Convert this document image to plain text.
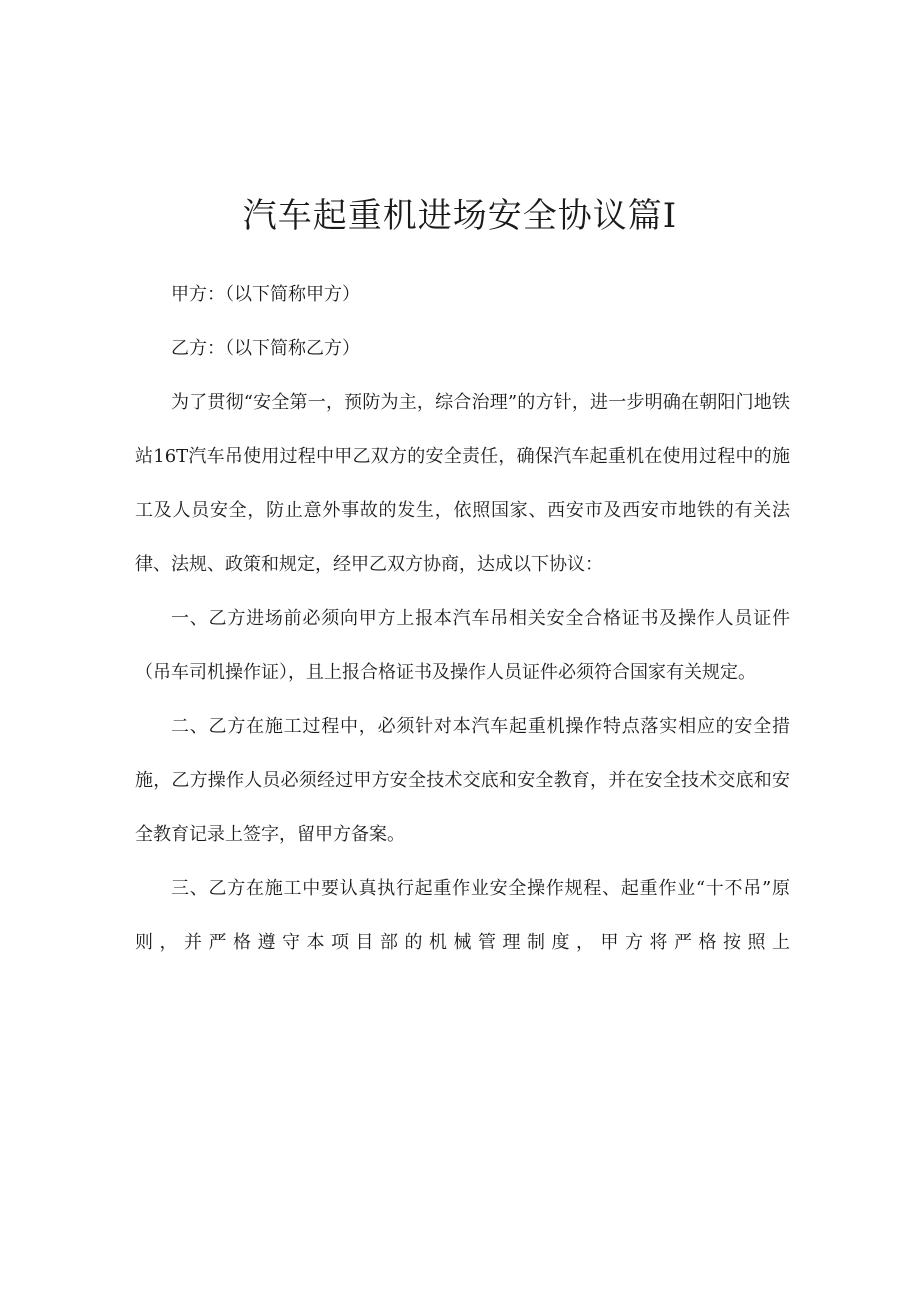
汽车起重机进场安全协议篇I

甲方：（以下简称甲方）

乙方：（以下简称乙方）

为了贯彻“安全第一，预防为主，综合治理”的方针，进一步明确在朝阳门地铁站16T汽车吊使用过程中甲乙双方的安全责任，确保汽车起重机在使用过程中的施工及人员安全，防止意外事故的发生，依照国家、西安市及西安市地铁的有关法律、法规、政策和规定，经甲乙双方协商，达成以下协议：

一、乙方进场前必须向甲方上报本汽车吊相关安全合格证书及操作人员证件（吊车司机操作证），且上报合格证书及操作人员证件必须符合国家有关规定。

二、乙方在施工过程中，必须针对本汽车起重机操作特点落实相应的安全措施，乙方操作人员必须经过甲方安全技术交底和安全教育，并在安全技术交底和安全教育记录上签字，留甲方备案。

三、乙方在施工中要认真执行起重作业安全操作规程、起重作业“十不吊”原则，并严格遵守本项目部的机械管理制度，甲方将严格按照上
